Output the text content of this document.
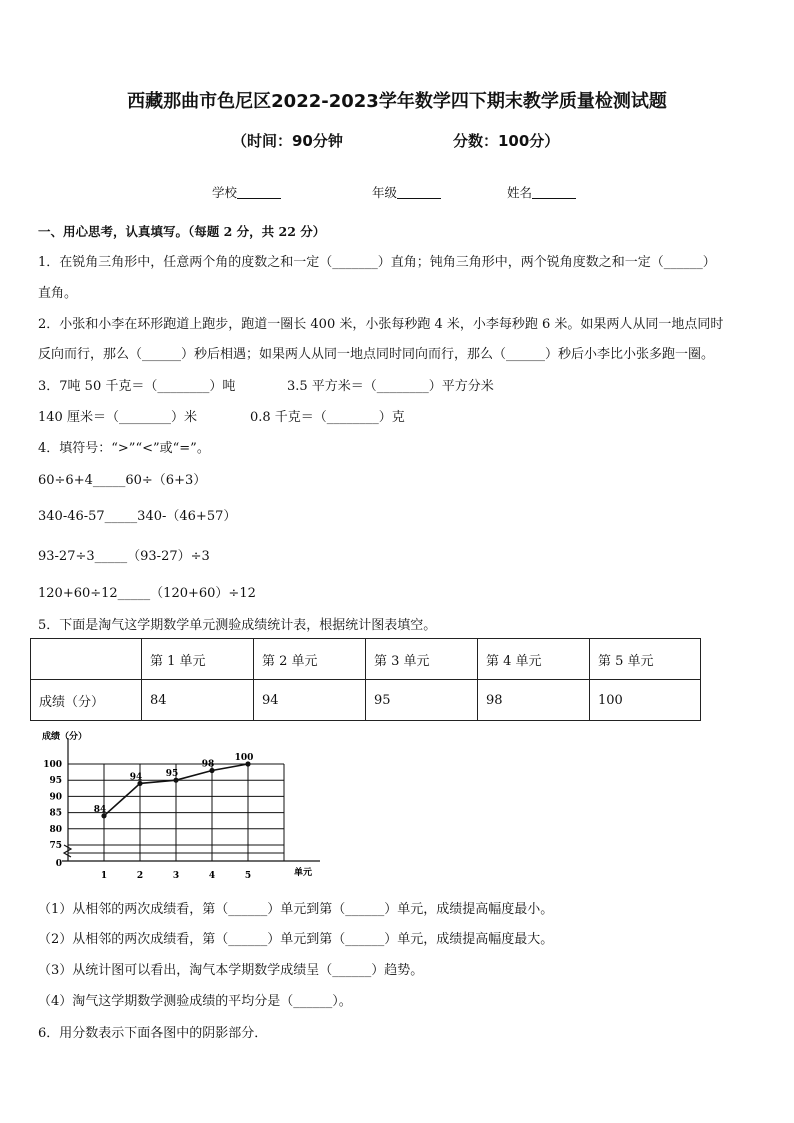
西藏那曲市色尼区2022-2023学年数学四下期末教学质量检测试题
（时间：90分钟	分数：100分）
学校	年级	姓名
一、用心思考，认真填写。（每题 2 分，共 22 分）
1．在锐角三角形中，任意两个角的度数之和一定（_______）直角；钝角三角形中，两个锐角度数之和一定（______）
直角。
2．小张和小李在环形跑道上跑步，跑道一圈长 400 米，小张每秒跑 4 米，小李每秒跑 6 米。如果两人从同一地点同时
反向而行，那么（______）秒后相遇；如果两人从同一地点同时同向而行，那么（______）秒后小李比小张多跑一圈。
3．7吨 50 千克＝（________）吨	3.5 平方米＝（________）平方分米
140 厘米＝（________）米	0.8 千克＝（________）克
4．填符号：“>”“<”或“=”。
60÷6+4_____60÷（6+3）
340-46-57_____340-（46+57）
93-27÷3_____（93-27）÷3
120+60÷12_____（120+60）÷12
5．下面是淘气这学期数学单元测验成绩统计表，根据统计图表填空。
	第 1 单元	第 2 单元	第 3 单元	第 4 单元	第 5 单元
成绩（分）	84	94	95	98	100
成绩（分）
单元
0
75
80
85
90
95
100
1	2	3	4	5
84
94	95
98
100
（1）从相邻的两次成绩看，第（______）单元到第（______）单元，成绩提高幅度最小。
（2）从相邻的两次成绩看，第（______）单元到第（______）单元，成绩提高幅度最大。
（3）从统计图可以看出，淘气本学期数学成绩呈（______）趋势。
（4）淘气这学期数学测验成绩的平均分是（______）。
6．用分数表示下面各图中的阴影部分．
